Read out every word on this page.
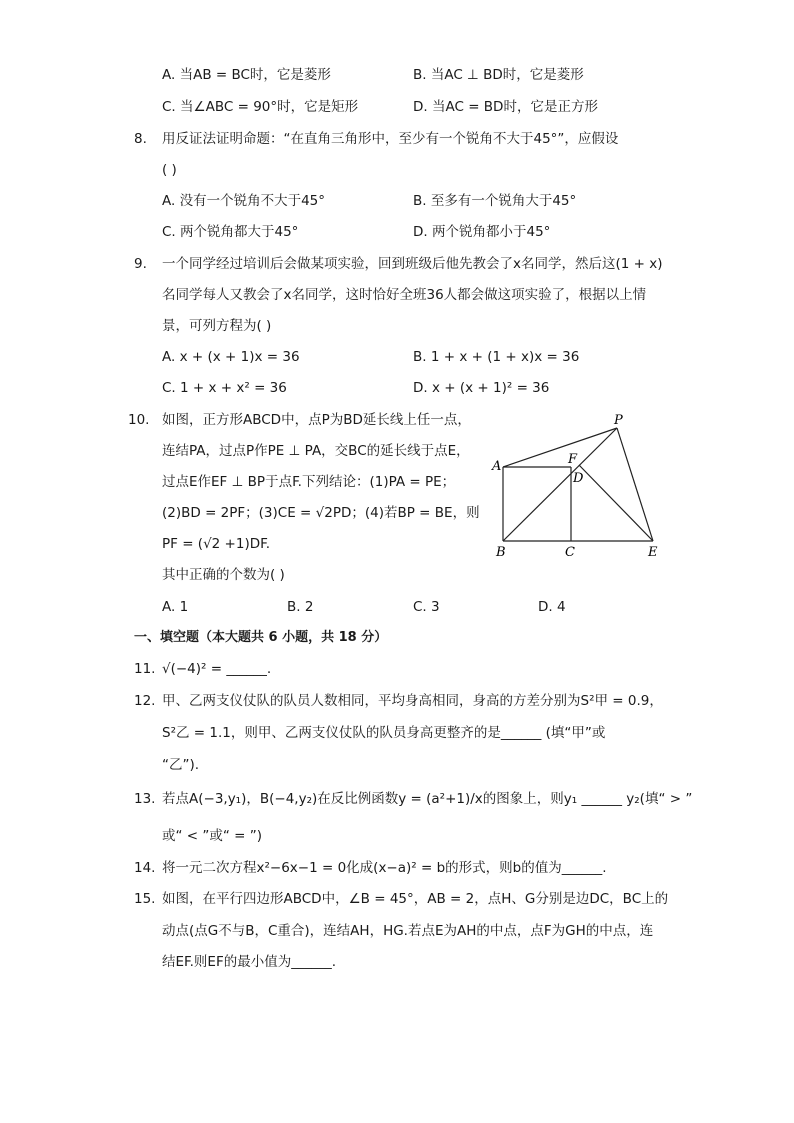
A. 当AB = BC时，它是菱形	B. 当AC ⊥ BD时，它是菱形
C. 当∠ABC = 90°时，它是矩形	D. 当AC = BD时，它是正方形
8. 用反证法证明命题：“在直角三角形中，至少有一个锐角不大于45°”，应假设
( )
A. 没有一个锐角不大于45°	B. 至多有一个锐角大于45°
C. 两个锐角都大于45°	D. 两个锐角都小于45°
9. 一个同学经过培训后会做某项实验，回到班级后他先教会了x名同学，然后这(1 + x)
名同学每人又教会了x名同学，这时恰好全班36人都会做这项实验了，根据以上情
景，可列方程为( )
A. x + (x + 1)x = 36	B. 1 + x + (1 + x)x = 36
C. 1 + x + x² = 36	D. x + (x + 1)² = 36
10. 如图，正方形ABCD中，点P为BD延长线上任一点，
连结PA，过点P作PE ⊥ PA，交BC的延长线于点E，
过点E作EF ⊥ BP于点F.下列结论：(1)PA = PE；
(2)BD = 2PF；(3)CE = √2PD；(4)若BP = BE，则
PF = (√2 +1)DF.
其中正确的个数为( )
A. 1	B. 2	C. 3	D. 4
P
A	F
D
B	C	E
一、填空题（本大题共 6 小题，共 18 分）
11. √(−4)² = ______.
12. 甲、乙两支仪仗队的队员人数相同，平均身高相同，身高的方差分别为S²甲 = 0.9，
S²乙 = 1.1，则甲、乙两支仪仗队的队员身高更整齐的是______ (填“甲”或
“乙”).
13. 若点A(−3,y₁)，B(−4,y₂)在反比例函数y = (a²+1)/x的图象上，则y₁ ______ y₂(填“ > ”
或“ < ”或“ = ”)
14. 将一元二次方程x²−6x−1 = 0化成(x−a)² = b的形式，则b的值为______.
15. 如图，在平行四边形ABCD中，∠B = 45°，AB = 2，点H、G分别是边DC，BC上的
动点(点G不与B，C重合)，连结AH，HG.若点E为AH的中点，点F为GH的中点，连
结EF.则EF的最小值为______.
